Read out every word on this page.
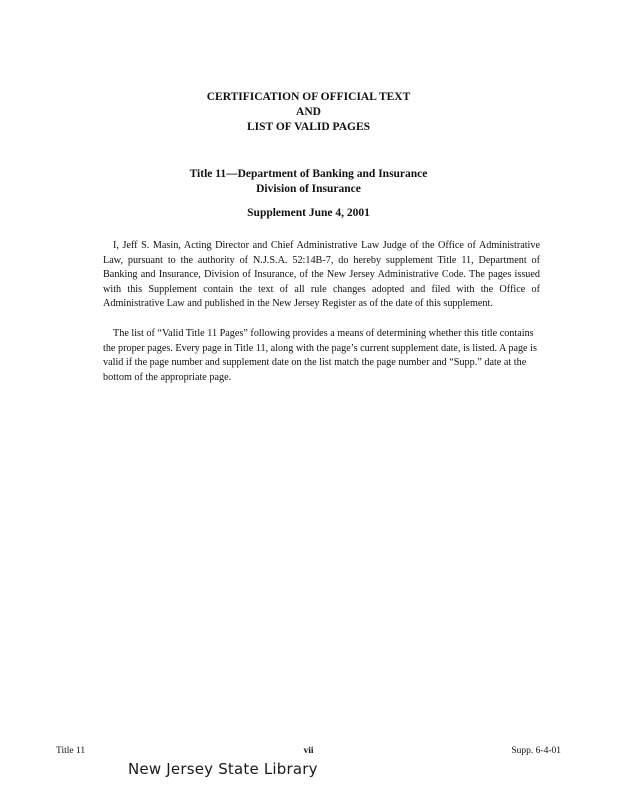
CERTIFICATION OF OFFICIAL TEXT
AND
LIST OF VALID PAGES
Title 11—Department of Banking and Insurance
Division of Insurance
Supplement June 4, 2001
I, Jeff S. Masin, Acting Director and Chief Administrative Law Judge of the Office of Administrative Law, pursuant to the authority of N.J.S.A. 52:14B-7, do hereby supplement Title 11, Department of Banking and Insurance, Division of Insurance, of the New Jersey Administrative Code. The pages issued with this Supplement contain the text of all rule changes adopted and filed with the Office of Administrative Law and published in the New Jersey Register as of the date of this supplement.
The list of “Valid Title 11 Pages” following provides a means of determining whether this title contains the proper pages. Every page in Title 11, along with the page’s current supplement date, is listed. A page is valid if the page number and supplement date on the list match the page number and “Supp.” date at the bottom of the appropriate page.
Title 11	vii	Supp. 6-4-01
New Jersey State Library
